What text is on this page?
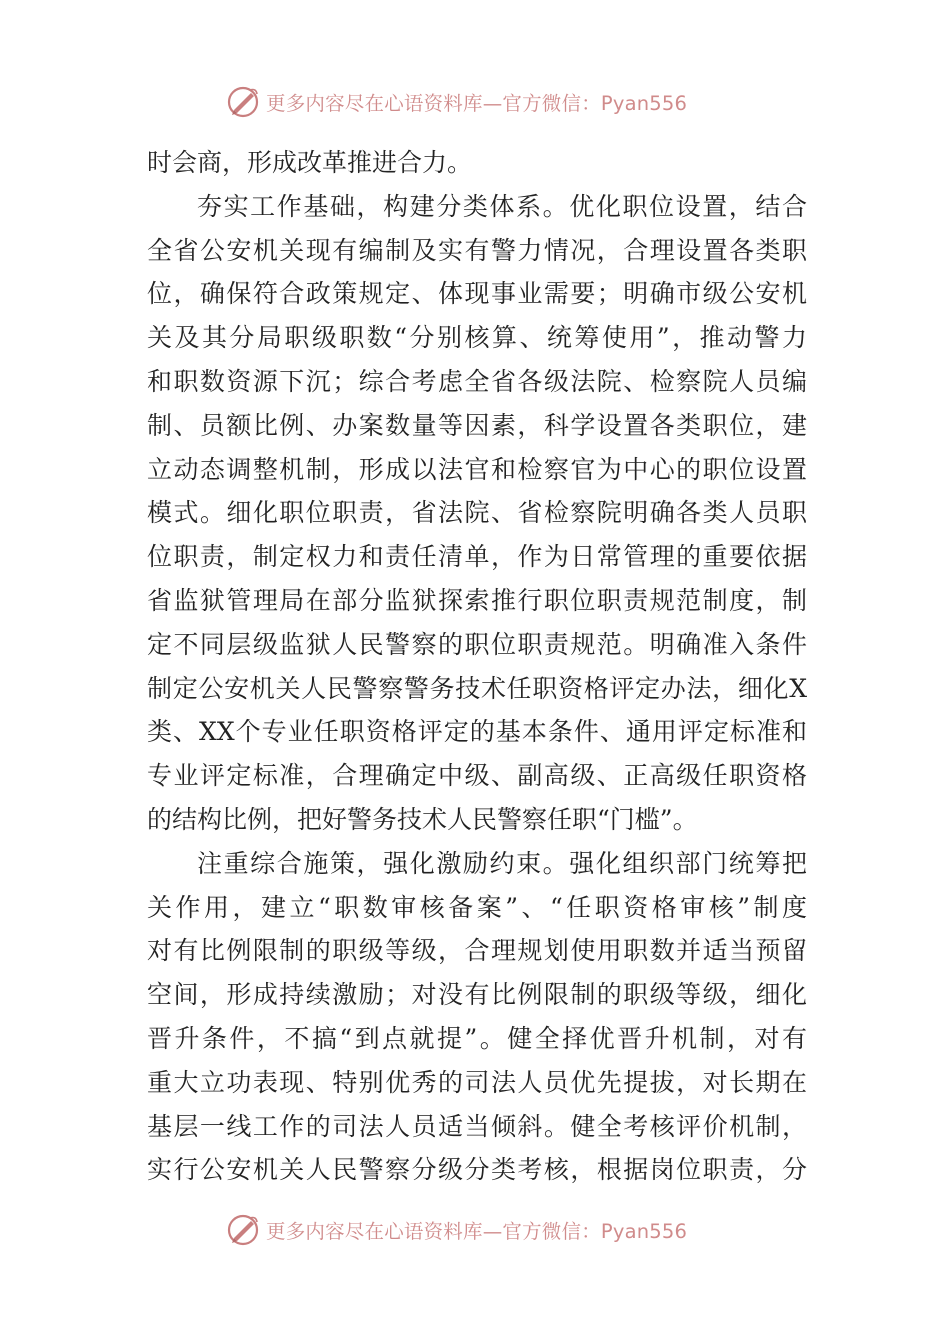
更多内容尽在心语资料库—官方微信：Pyan556
时会商，形成改革推进合力。
夯实工作基础，构建分类体系。优化职位设置，结合
全省公安机关现有编制及实有警力情况，合理设置各类职
位，确保符合政策规定、体现事业需要；明确市级公安机
关及其分局职级职数“分别核算、统筹使用”，推动警力
和职数资源下沉；综合考虑全省各级法院、检察院人员编
制、员额比例、办案数量等因素，科学设置各类职位，建
立动态调整机制，形成以法官和检察官为中心的职位设置
模式。细化职位职责，省法院、省检察院明确各类人员职
位职责，制定权力和责任清单，作为日常管理的重要依据
省监狱管理局在部分监狱探索推行职位职责规范制度，制
定不同层级监狱人民警察的职位职责规范。明确准入条件
制定公安机关人民警察警务技术任职资格评定办法，细化X
类、XX个专业任职资格评定的基本条件、通用评定标准和
专业评定标准，合理确定中级、副高级、正高级任职资格
的结构比例，把好警务技术人民警察任职“门槛”。
注重综合施策，强化激励约束。强化组织部门统筹把
关作用，建立“职数审核备案”、“任职资格审核”制度
对有比例限制的职级等级，合理规划使用职数并适当预留
空间，形成持续激励；对没有比例限制的职级等级，细化
晋升条件，不搞“到点就提”。健全择优晋升机制，对有
重大立功表现、特别优秀的司法人员优先提拔，对长期在
基层一线工作的司法人员适当倾斜。健全考核评价机制，
实行公安机关人民警察分级分类考核，根据岗位职责，分
更多内容尽在心语资料库—官方微信：Pyan556
